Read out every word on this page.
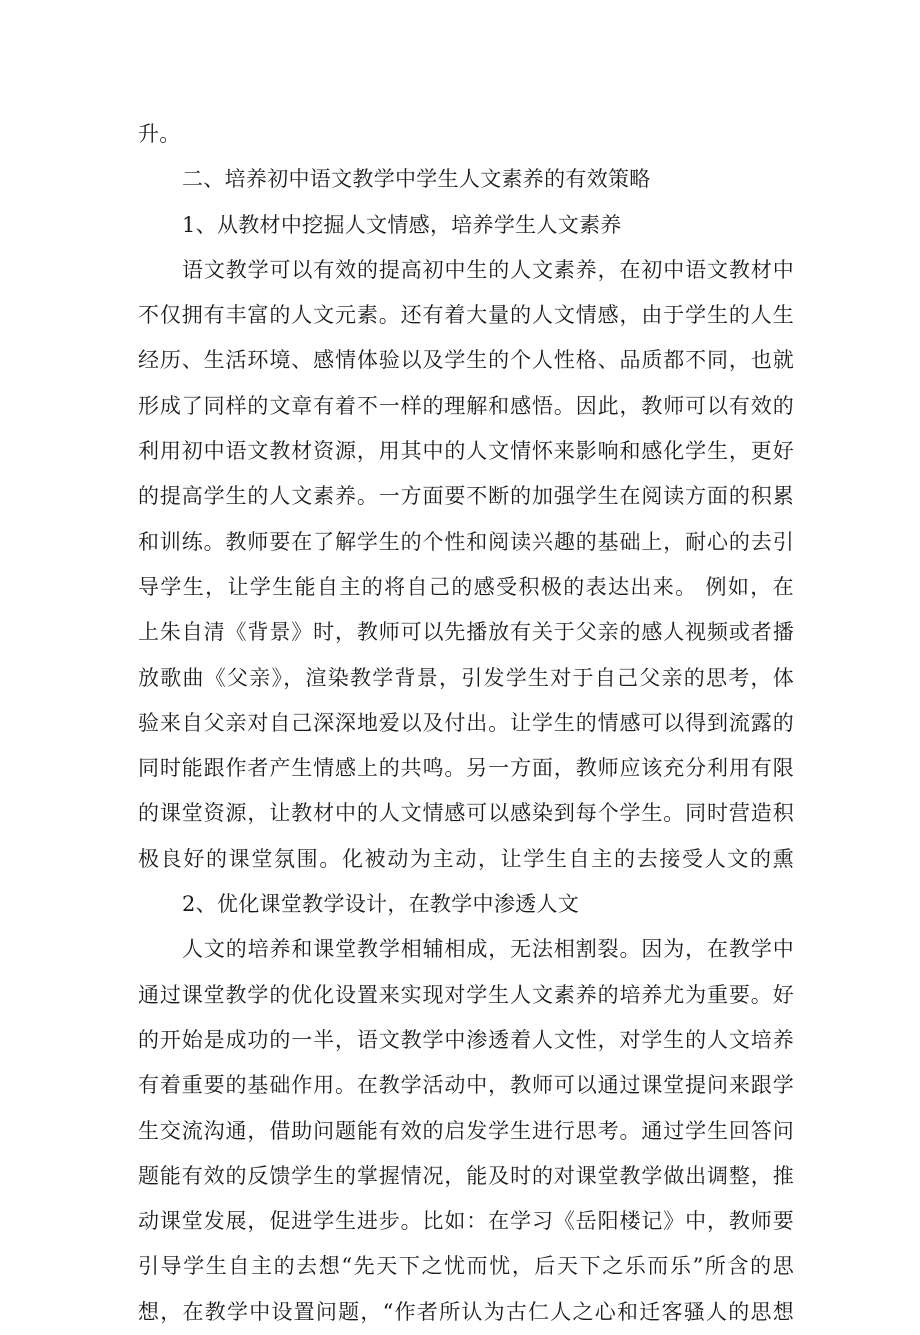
升。
二、培养初中语文教学中学生人文素养的有效策略
1、从教材中挖掘人文情感，培养学生人文素养
语文教学可以有效的提高初中生的人文素养，在初中语文教材中
不仅拥有丰富的人文元素。还有着大量的人文情感，由于学生的人生
经历、生活环境、感情体验以及学生的个人性格、品质都不同，也就
形成了同样的文章有着不一样的理解和感悟。因此，教师可以有效的
利用初中语文教材资源，用其中的人文情怀来影响和感化学生，更好
的提高学生的人文素养。一方面要不断的加强学生在阅读方面的积累
和训练。教师要在了解学生的个性和阅读兴趣的基础上，耐心的去引
导学生，让学生能自主的将自己的感受积极的表达出来。 例如，在
上朱自清《背景》时，教师可以先播放有关于父亲的感人视频或者播
放歌曲《父亲》，渲染教学背景，引发学生对于自己父亲的思考，体
验来自父亲对自己深深地爱以及付出。让学生的情感可以得到流露的
同时能跟作者产生情感上的共鸣。另一方面，教师应该充分利用有限
的课堂资源，让教材中的人文情感可以感染到每个学生。同时营造积
极良好的课堂氛围。化被动为主动，让学生自主的去接受人文的熏
2、优化课堂教学设计，在教学中渗透人文
人文的培养和课堂教学相辅相成，无法相割裂。因为，在教学中
通过课堂教学的优化设置来实现对学生人文素养的培养尤为重要。好
的开始是成功的一半，语文教学中渗透着人文性，对学生的人文培养
有着重要的基础作用。在教学活动中，教师可以通过课堂提问来跟学
生交流沟通，借助问题能有效的启发学生进行思考。通过学生回答问
题能有效的反馈学生的掌握情况，能及时的对课堂教学做出调整，推
动课堂发展，促进学生进步。比如：在学习《岳阳楼记》中，教师要
引导学生自主的去想“先天下之忧而忧，后天下之乐而乐”所含的思
想，在教学中设置问题，“作者所认为古仁人之心和迁客骚人的思想
